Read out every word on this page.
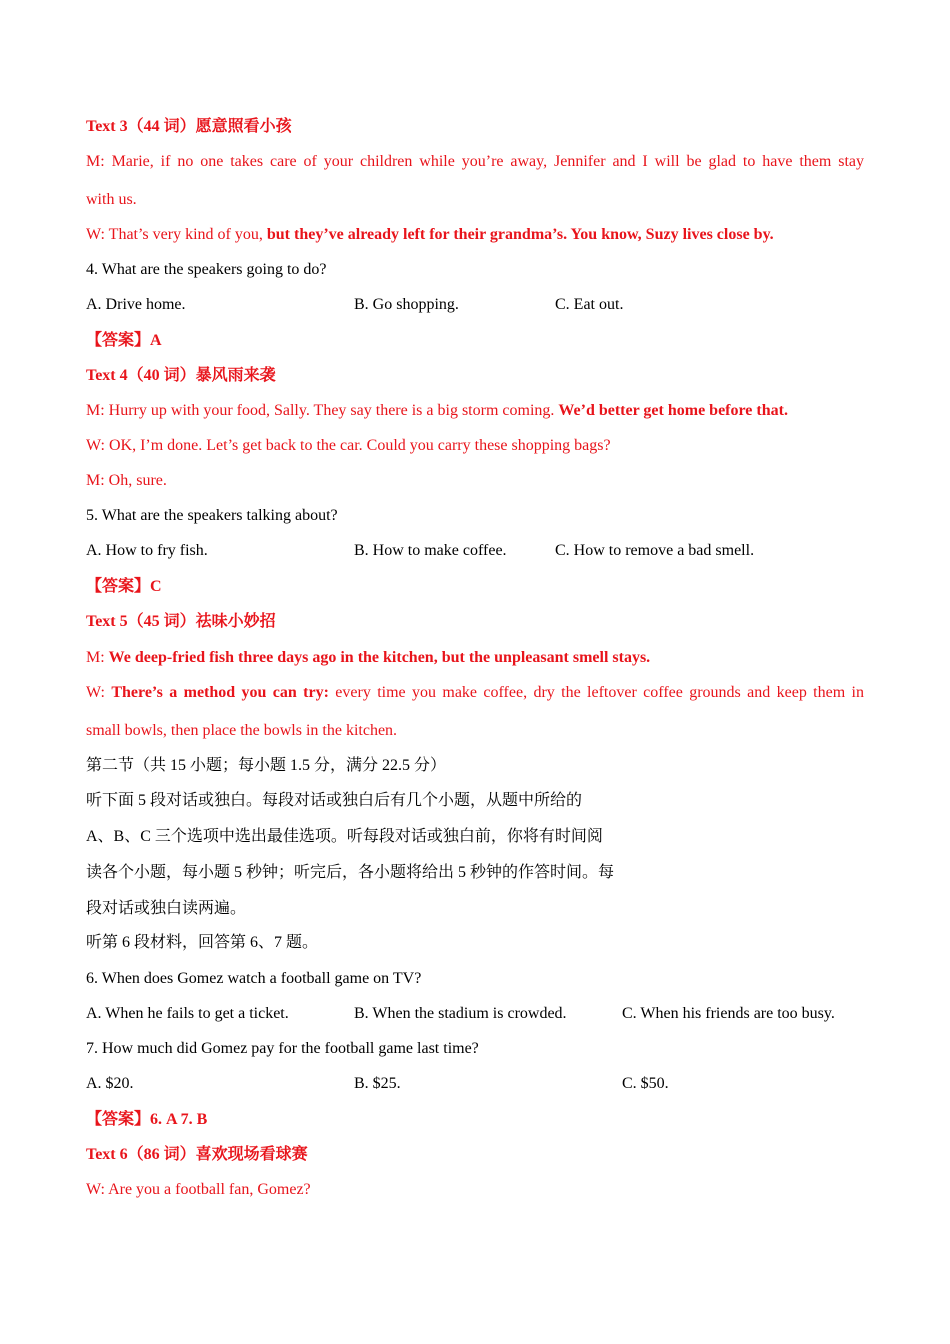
Text 3（44 词）愿意照看小孩
M: Marie, if no one takes care of your children while you’re away, Jennifer and I will be glad to have them stay
with us.
W: That’s very kind of you, but they’ve already left for their grandma’s. You know, Suzy lives close by.
4. What are the speakers going to do?
A. Drive home.	B. Go shopping.	C. Eat out.
【答案】A
Text 4（40 词）暴风雨来袭
M: Hurry up with your food, Sally. They say there is a big storm coming. We’d better get home before that.
W: OK, I’m done. Let’s get back to the car. Could you carry these shopping bags?
M: Oh, sure.
5. What are the speakers talking about?
A. How to fry fish.	B. How to make coffee.	C. How to remove a bad smell.
【答案】C
Text 5（45 词）祛味小妙招
M: We deep-fried fish three days ago in the kitchen, but the unpleasant smell stays.
W: There’s a method you can try: every time you make coffee, dry the leftover coffee grounds and keep them in
small bowls, then place the bowls in the kitchen.
第二节（共 15 小题；每小题 1.5 分，满分 22.5 分）
听下面 5 段对话或独白。每段对话或独白后有几个小题，从题中所给的
A、B、C 三个选项中选出最佳选项。听每段对话或独白前，你将有时间阅
读各个小题，每小题 5 秒钟；听完后，各小题将给出 5 秒钟的作答时间。每
段对话或独白读两遍。
听第 6 段材料，回答第 6、7 题。
6. When does Gomez watch a football game on TV?
A. When he fails to get a ticket.	B. When the stadium is crowded.	C. When his friends are too busy.
7. How much did Gomez pay for the football game last time?
A. $20.	B. $25.	C. $50.
【答案】6. A 7. B
Text 6（86 词）喜欢现场看球赛
W: Are you a football fan, Gomez?
